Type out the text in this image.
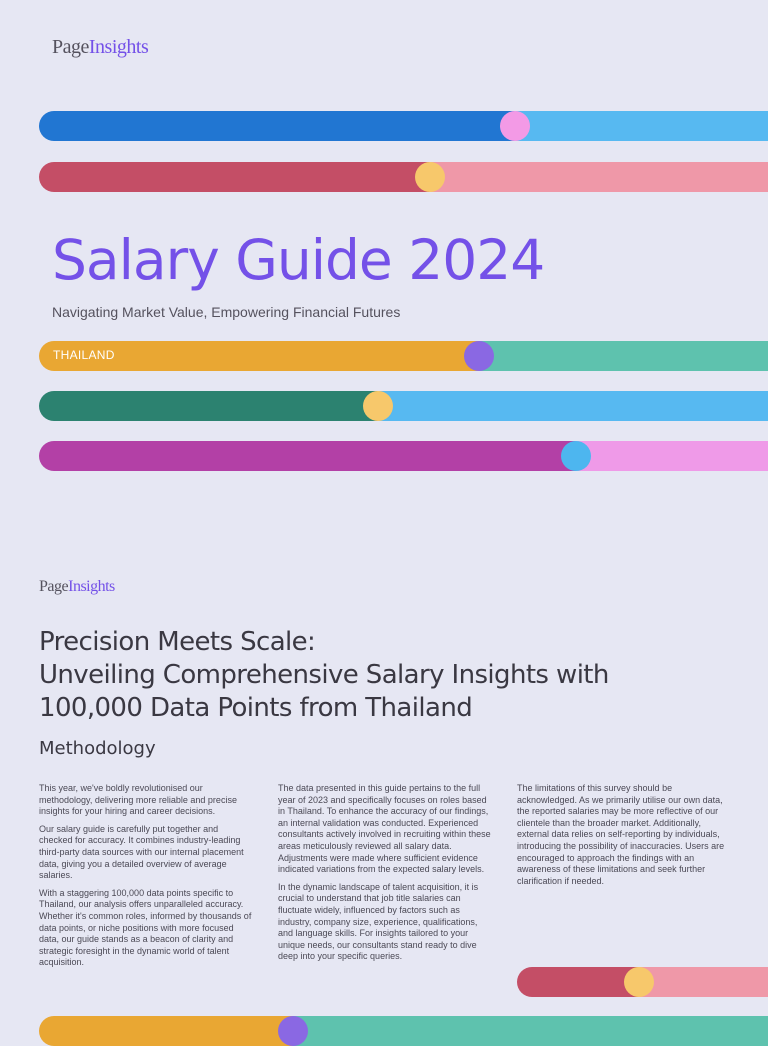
PageInsights
Salary Guide 2024
Navigating Market Value, Empowering Financial Futures
THAILAND
PageInsights
Precision Meets Scale:
Unveiling Comprehensive Salary Insights with
100,000 Data Points from Thailand
Methodology

This year, we've boldly revolutionised our methodology, delivering more reliable and precise insights for your hiring and career decisions.

Our salary guide is carefully put together and checked for accuracy. It combines industry-leading third-party data sources with our internal placement data, giving you a detailed overview of average salaries.

With a staggering 100,000 data points specific to Thailand, our analysis offers unparalleled accuracy. Whether it's common roles, informed by thousands of data points, or niche positions with more focused data, our guide stands as a beacon of clarity and strategic foresight in the dynamic world of talent acquisition.

The data presented in this guide pertains to the full year of 2023 and specifically focuses on roles based in Thailand. To enhance the accuracy of our findings, an internal validation was conducted. Experienced consultants actively involved in recruiting within these areas meticulously reviewed all salary data. Adjustments were made where sufficient evidence indicated variations from the expected salary levels.

In the dynamic landscape of talent acquisition, it is crucial to understand that job title salaries can fluctuate widely, influenced by factors such as industry, company size, experience, qualifications, and language skills. For insights tailored to your unique needs, our consultants stand ready to dive deep into your specific queries.

The limitations of this survey should be acknowledged. As we primarily utilise our own data, the reported salaries may be more reflective of our clientele than the broader market. Additionally, external data relies on self-reporting by individuals, introducing the possibility of inaccuracies. Users are encouraged to approach the findings with an awareness of these limitations and seek further clarification if needed.
